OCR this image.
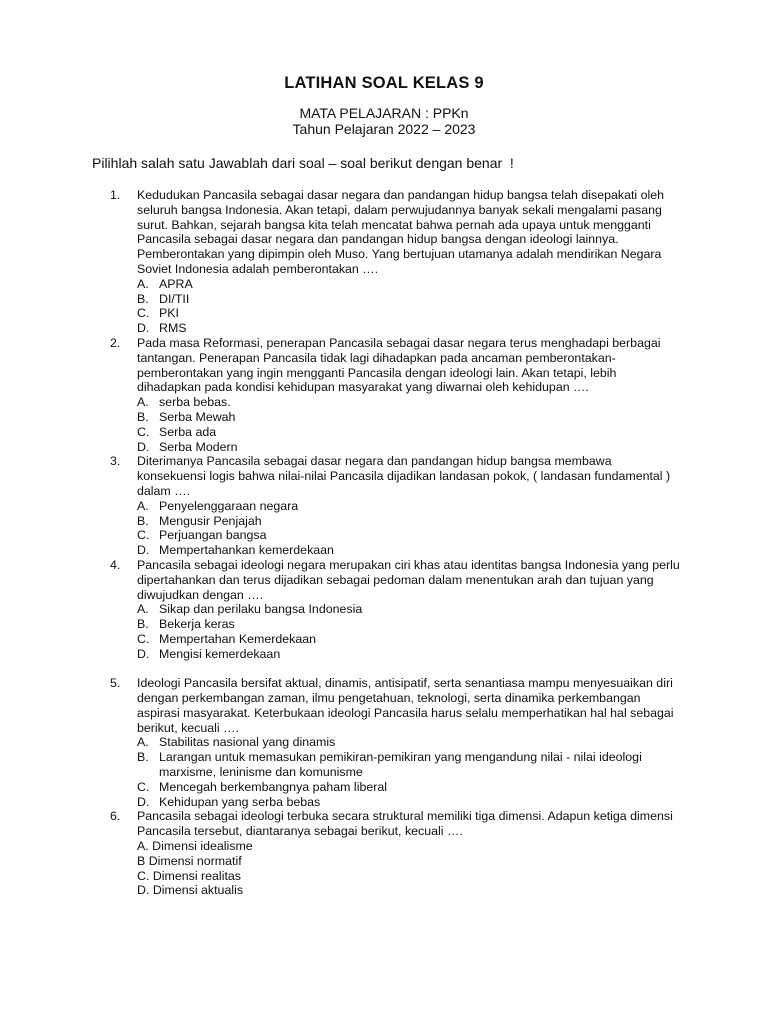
LATIHAN SOAL KELAS 9
MATA PELAJARAN : PPKn
Tahun Pelajaran 2022 – 2023
Pilihlah salah satu Jawablah dari soal – soal berikut dengan benar  !
1.	Kedudukan Pancasila sebagai dasar negara dan pandangan hidup bangsa telah disepakati oleh seluruh bangsa Indonesia. Akan tetapi, dalam perwujudannya banyak sekali mengalami pasang surut. Bahkan, sejarah bangsa kita telah mencatat bahwa pernah ada upaya untuk mengganti Pancasila sebagai dasar negara dan pandangan hidup bangsa dengan ideologi lainnya. Pemberontakan yang dipimpin oleh Muso. Yang bertujuan utamanya adalah mendirikan Negara Soviet Indonesia adalah pemberontakan ….

A. APRA
B. DI/TII
C. PKI
D. RMS
2.	Pada masa Reformasi, penerapan Pancasila sebagai dasar negara terus menghadapi berbagai tantangan. Penerapan Pancasila tidak lagi dihadapkan pada ancaman pemberontakan-pemberontakan yang ingin mengganti Pancasila dengan ideologi lain. Akan tetapi, lebih dihadapkan pada kondisi kehidupan masyarakat yang diwarnai oleh kehidupan ….

A. serba bebas.
B. Serba Mewah
C. Serba ada
D. Serba Modern
3.	Diterimanya Pancasila sebagai dasar negara dan pandangan hidup bangsa membawa konsekuensi logis bahwa nilai-nilai Pancasila dijadikan landasan pokok, ( landasan fundamental ) dalam ….

A. Penyelenggaraan negara
B. Mengusir Penjajah
C. Perjuangan bangsa
D. Mempertahankan kemerdekaan
4.	Pancasila sebagai ideologi negara merupakan ciri khas atau identitas bangsa Indonesia yang perlu dipertahankan dan terus dijadikan sebagai pedoman dalam menentukan arah dan tujuan yang diwujudkan dengan ….

A. Sikap dan perilaku bangsa Indonesia
B. Bekerja keras
C. Mempertahan Kemerdekaan
D. Mengisi kemerdekaan
5.	Ideologi Pancasila bersifat aktual, dinamis, antisipatif, serta senantiasa mampu menyesuaikan diri dengan perkembangan zaman, ilmu pengetahuan, teknologi, serta dinamika perkembangan aspirasi masyarakat. Keterbukaan ideologi Pancasila harus selalu memperhatikan hal hal sebagai berikut, kecuali ….

A. Stabilitas nasional yang dinamis
B. Larangan untuk memasukan pemikiran-pemikiran yang mengandung nilai - nilai ideologi marxisme, leninisme dan komunisme
C. Mencegah berkembangnya paham liberal
D. Kehidupan yang serba bebas
6.	Pancasila sebagai ideologi terbuka secara struktural memiliki tiga dimensi. Adapun ketiga dimensi Pancasila tersebut, diantaranya sebagai berikut, kecuali ….

A. Dimensi idealisme
B Dimensi normatif
C. Dimensi realitas
D. Dimensi aktualis
